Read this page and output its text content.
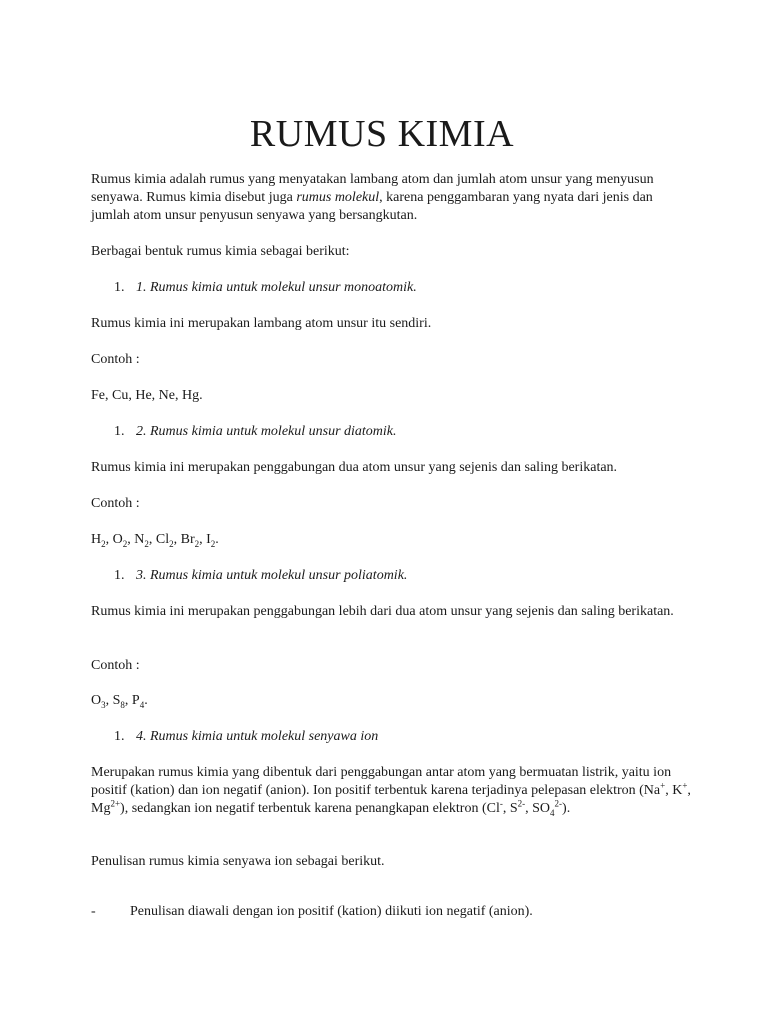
RUMUS KIMIA

Rumus kimia adalah rumus yang menyatakan lambang atom dan jumlah atom unsur yang menyusun senyawa. Rumus kimia disebut juga rumus molekul, karena penggambaran yang nyata dari jenis dan jumlah atom unsur penyusun senyawa yang bersangkutan.

Berbagai bentuk rumus kimia sebagai berikut:

1. 1. Rumus kimia untuk molekul unsur monoatomik.

Rumus kimia ini merupakan lambang atom unsur itu sendiri.

Contoh :

Fe, Cu, He, Ne, Hg.

1. 2. Rumus kimia untuk molekul unsur diatomik.

Rumus kimia ini merupakan penggabungan dua atom unsur yang sejenis dan saling berikatan.

Contoh :

$H_2$, $O_2$, $N_2$, $Cl_2$, $Br_2$, $I_2$.

1. 3. Rumus kimia untuk molekul unsur poliatomik.

Rumus kimia ini merupakan penggabungan lebih dari dua atom unsur yang sejenis dan saling berikatan.

Contoh :

$O_3$, $S_8$, $P_4$.

1. 4. Rumus kimia untuk molekul senyawa ion

Merupakan rumus kimia yang dibentuk dari penggabungan antar atom yang bermuatan listrik, yaitu ion positif (kation) dan ion negatif (anion). Ion positif terbentuk karena terjadinya pelepasan elektron (Na+, K+, $Mg^{2+}$), sedangkan ion negatif terbentuk karena penangkapan elektron (Cl-, $S^{2-}$, $SO_4^{2-}$).

Penulisan rumus kimia senyawa ion sebagai berikut.

- Penulisan diawali dengan ion positif (kation) diikuti ion negatif (anion).
